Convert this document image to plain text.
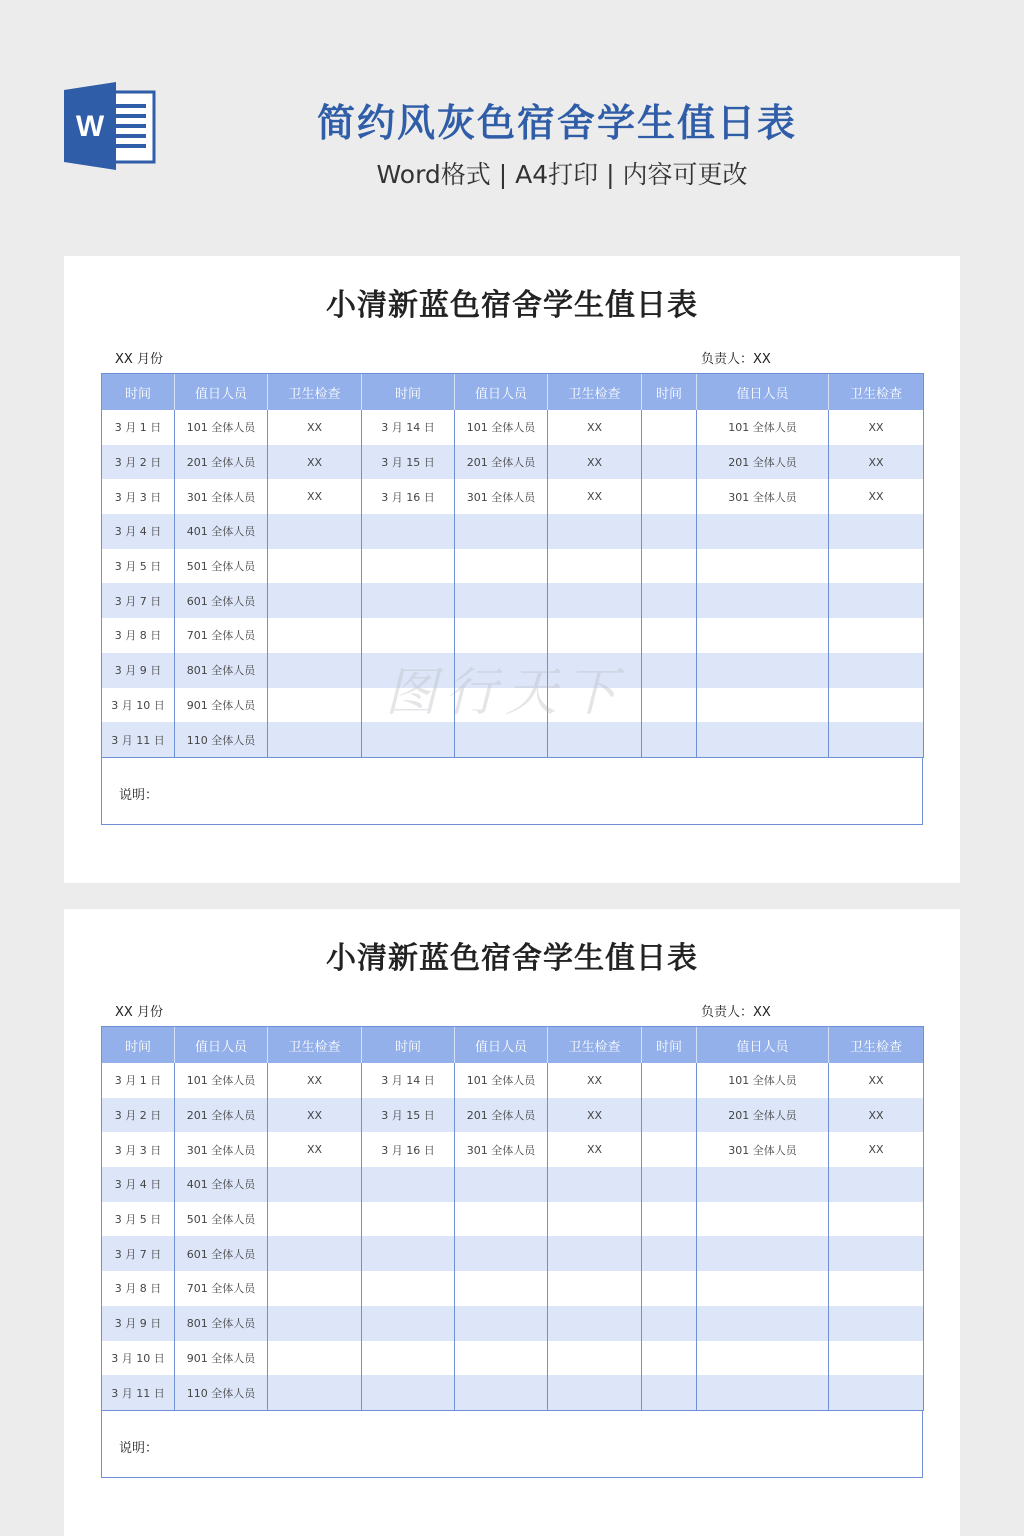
W	简约风灰色宿舍学生值日表
Word格式 | A4打印 | 内容可更改
小清新蓝色宿舍学生值日表
XX 月份	负责人：XX
时间	值日人员	卫生检查	时间	值日人员	卫生检查	时间	值日人员	卫生检查
3 月 1 日	101 全体人员	XX	3 月 14 日	101 全体人员	XX		101 全体人员	XX
3 月 2 日	201 全体人员	XX	3 月 15 日	201 全体人员	XX		201 全体人员	XX
3 月 3 日	301 全体人员	XX	3 月 16 日	301 全体人员	XX		301 全体人员	XX
3 月 4 日	401 全体人员							
3 月 5 日	501 全体人员							
3 月 7 日	601 全体人员							
3 月 8 日	701 全体人员							
3 月 9 日	801 全体人员							
3 月 10 日	901 全体人员							
3 月 11 日	110 全体人员							
说明：
小清新蓝色宿舍学生值日表
XX 月份	负责人：XX
时间	值日人员	卫生检查	时间	值日人员	卫生检查	时间	值日人员	卫生检查
3 月 1 日	101 全体人员	XX	3 月 14 日	101 全体人员	XX		101 全体人员	XX
3 月 2 日	201 全体人员	XX	3 月 15 日	201 全体人员	XX		201 全体人员	XX
3 月 3 日	301 全体人员	XX	3 月 16 日	301 全体人员	XX		301 全体人员	XX
3 月 4 日	401 全体人员							
3 月 5 日	501 全体人员							
3 月 7 日	601 全体人员							
3 月 8 日	701 全体人员							
3 月 9 日	801 全体人员							
3 月 10 日	901 全体人员							
3 月 11 日	110 全体人员							
说明：
图行天下
